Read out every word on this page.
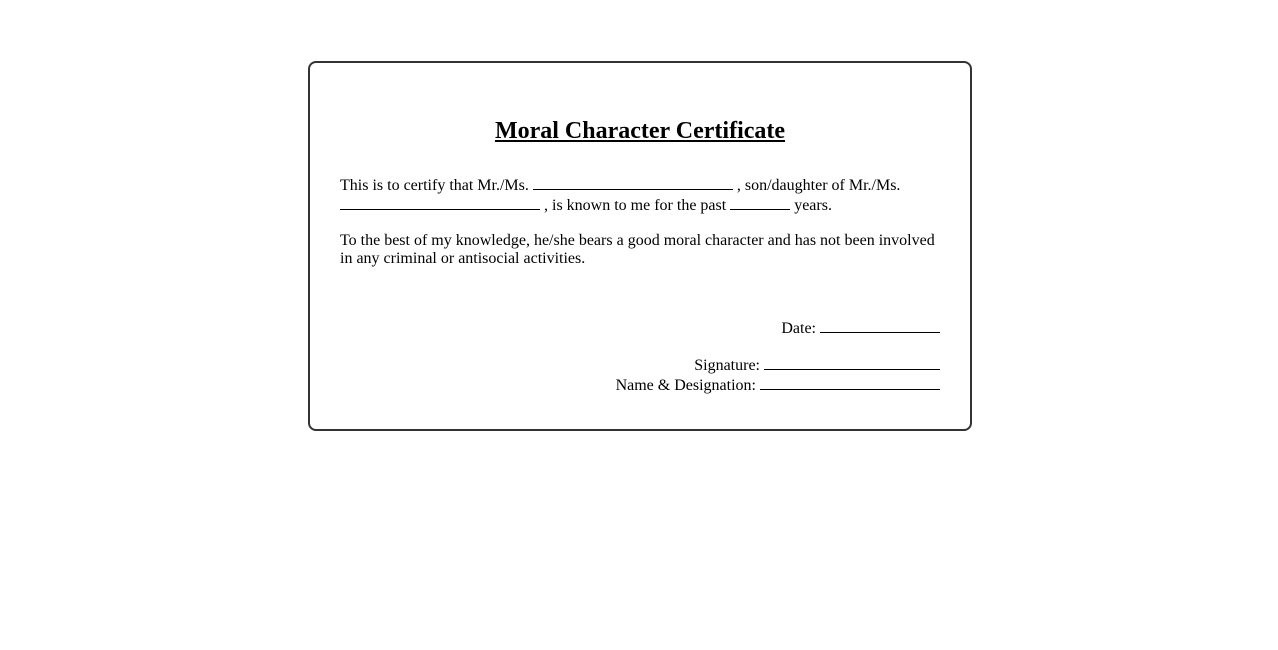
Moral Character Certificate

This is to certify that Mr./Ms.	, son/daughter of Mr./Ms.  , is known to me for the past	years.

To the best of my knowledge, he/she bears a good moral character and has not been involved in any criminal or antisocial activities.

Date:
Signature:
Name & Designation:
